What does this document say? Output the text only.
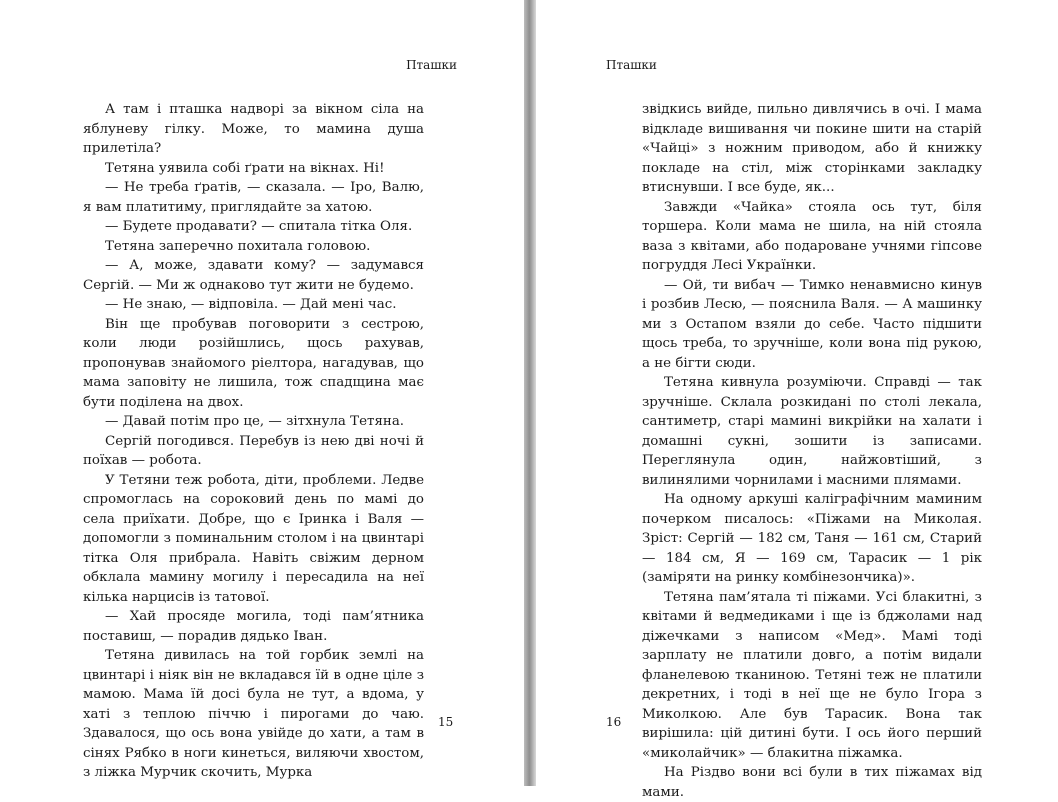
Пташки

А там і пташка надворі за вікном сіла на яблуневу гілку. Може, то мамина душа прилетіла?

Тетяна уявила собі ґрати на вікнах. Ні!

— Не треба ґратів, — сказала. — Іро, Валю, я вам платитиму, приглядайте за хатою.

— Будете продавати? — спитала тітка Оля.

Тетяна заперечно похитала головою.

— А, може, здавати кому? — задумався Сергій. — Ми ж однаково тут жити не будемо.

— Не знаю, — відповіла. — Дай мені час.

Він ще пробував поговорити з сестрою, коли люди розійшлись, щось рахував, пропонував знайомого ріелтора, нагадував, що мама заповіту не лишила, тож спадщина має бути поділена на двох.

— Давай потім про це, — зітхнула Тетяна.

Сергій погодився. Перебув із нею дві ночі й поїхав — робота.

У Тетяни теж робота, діти, проблеми. Ледве спромоглась на сороковий день по мамі до села приїхати. Добре, що є Іринка і Валя — допомогли з поминальним столом і на цвинтарі тітка Оля прибрала. Навіть свіжим дерном обклала мамину могилу і пересадила на неї кілька нарцисів із татової.

— Хай просяде могила, тоді пам’ятника поставиш, — порадив дядько Іван.

Тетяна дивилась на той горбик землі на цвинтарі і ніяк він не вкладався їй в одне ціле з мамою. Мама їй досі була не тут, а вдома, у хаті з теплою піччю і пирогами до чаю. Здавалося, що ось вона увійде до хати, а там в сінях Рябко в ноги кинеться, виляючи хвостом, з ліжка Мурчик скочить, Мурка

15
Пташки

звідкись вийде, пильно дивлячись в очі. І мама відкладе вишивання чи покине шити на старій «Чайці» з ножним приводом, або й книжку покладе на стіл, між сторінками закладку втиснувши. І все буде, як...

Завжди «Чайка» стояла ось тут, біля торшера. Коли мама не шила, на ній стояла ваза з квітами, або подароване учнями гіпсове погруддя Лесі Українки.

— Ой, ти вибач — Тимко ненавмисно кинув і розбив Лесю, — пояснила Валя. — А машинку ми з Остапом взяли до себе. Часто підшити щось треба, то зручніше, коли вона під рукою, а не бігти сюди.

Тетяна кивнула розуміючи. Справді — так зручніше. Склала розкидані по столі лекала, сантиметр, старі мамині викрійки на халати і домашні сукні, зошити із записами. Переглянула один, найжовтіший, з вилинялими чорнилами і масними плямами.

На одному аркуші каліграфічним маминим почерком писалось: «Піжами на Миколая. Зріст: Сергій — 182 см, Таня — 161 см, Старий — 184 см, Я — 169 см, Тарасик — 1 рік (заміряти на ринку комбінезончика)».

Тетяна пам’ятала ті піжами. Усі блакитні, з квітами й ведмедиками і ще із бджолами над діжечками з написом «Мед». Мамі тоді зарплату не платили довго, а потім видали фланелевою тканиною. Тетяні теж не платили декретних, і тоді в неї ще не було Ігора з Миколкою. Але був Тарасик. Вона так вирішила: цій дитині бути. І ось його перший «миколайчик» — блакитна піжамка.

На Різдво вони всі були в тих піжамах від мами.

16
